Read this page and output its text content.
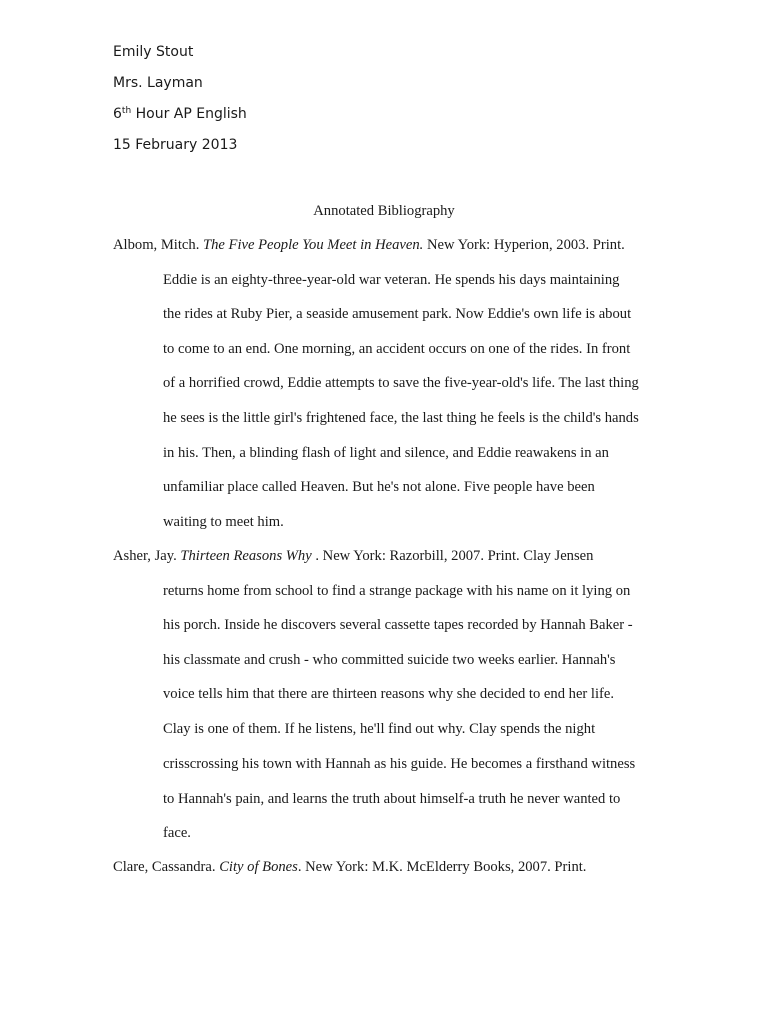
Emily Stout
Mrs. Layman
6th Hour AP English
15 February 2013
Annotated Bibliography
Albom, Mitch. The Five People You Meet in Heaven. New York: Hyperion, 2003. Print.
Eddie is an eighty-three-year-old war veteran. He spends his days maintaining
the rides at Ruby Pier, a seaside amusement park. Now Eddie's own life is about
to come to an end. One morning, an accident occurs on one of the rides. In front
of a horrified crowd, Eddie attempts to save the five-year-old's life. The last thing
he sees is the little girl's frightened face, the last thing he feels is the child's hands
in his. Then, a blinding flash of light and silence, and Eddie reawakens in an
unfamiliar place called Heaven. But he's not alone. Five people have been
waiting to meet him.
Asher, Jay. Thirteen Reasons Why . New York: Razorbill, 2007. Print. Clay Jensen
returns home from school to find a strange package with his name on it lying on
his porch. Inside he discovers several cassette tapes recorded by Hannah Baker -
his classmate and crush - who committed suicide two weeks earlier. Hannah's
voice tells him that there are thirteen reasons why she decided to end her life.
Clay is one of them. If he listens, he'll find out why. Clay spends the night
crisscrossing his town with Hannah as his guide. He becomes a firsthand witness
to Hannah's pain, and learns the truth about himself-a truth he never wanted to
face.
Clare, Cassandra. City of Bones. New York: M.K. McElderry Books, 2007. Print.
